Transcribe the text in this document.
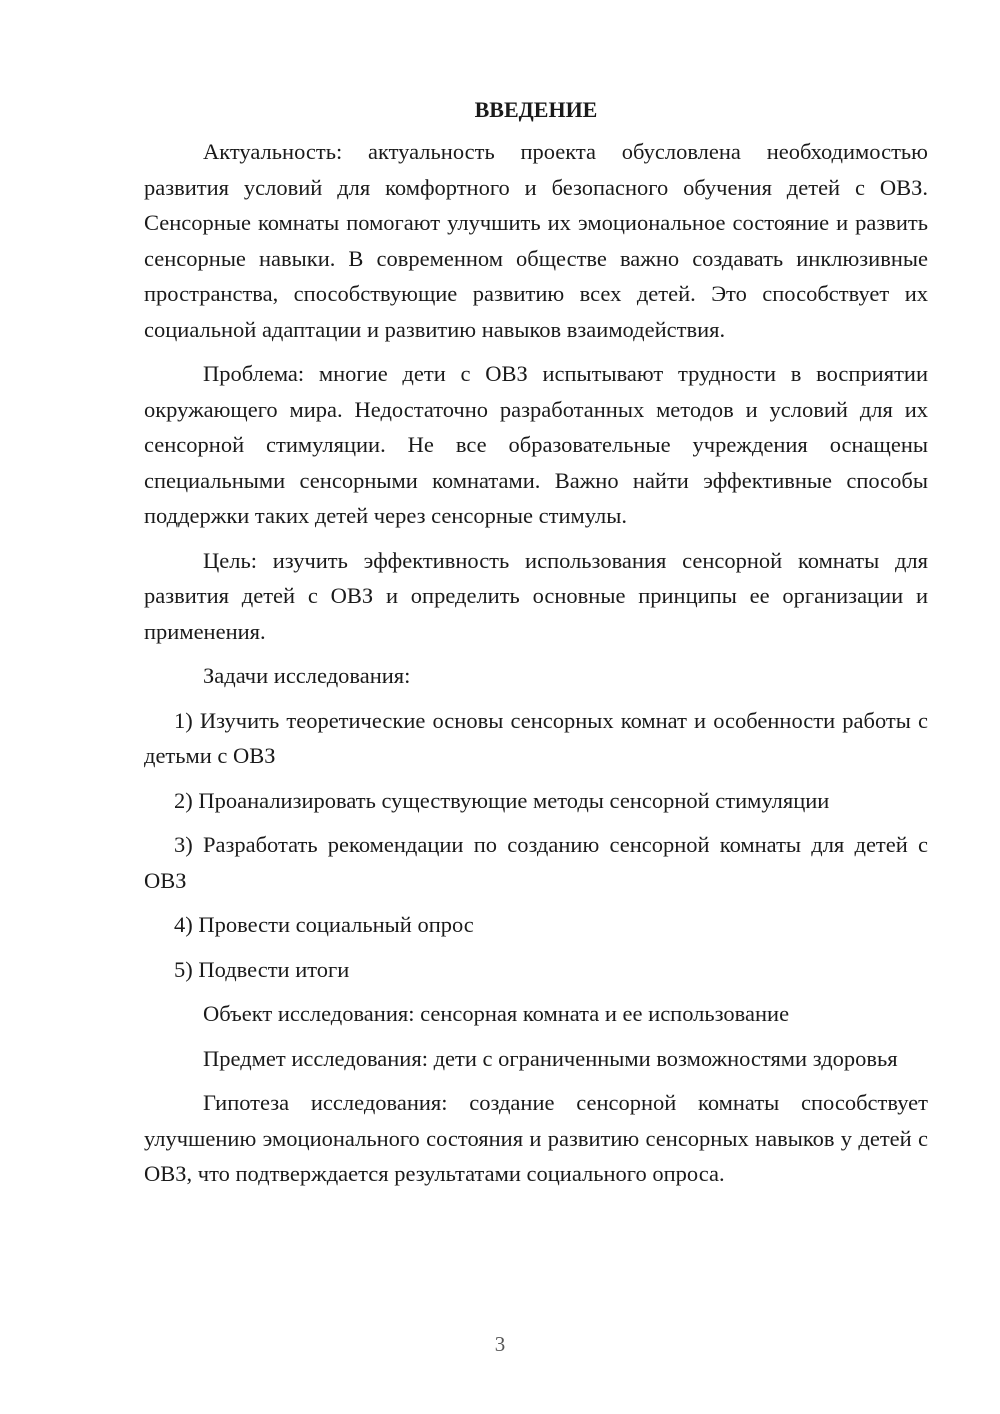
ВВЕДЕНИЕ

Актуальность: актуальность проекта обусловлена необходимостью развития условий для комфортного и безопасного обучения детей с ОВЗ. Сенсорные комнаты помогают улучшить их эмоциональное состояние и развить сенсорные навыки. В современном обществе важно создавать инклюзивные пространства, способствующие развитию всех детей. Это способствует их социальной адаптации и развитию навыков взаимодействия.

Проблема: многие дети с ОВЗ испытывают трудности в восприятии окружающего мира. Недостаточно разработанных методов и условий для их сенсорной стимуляции. Не все образовательные учреждения оснащены специальными сенсорными комнатами. Важно найти эффективные способы поддержки таких детей через сенсорные стимулы.

Цель: изучить эффективность использования сенсорной комнаты для развития детей с ОВЗ и определить основные принципы ее организации и применения.

Задачи исследования:

1) Изучить теоретические основы сенсорных комнат и особенности работы с детьми с ОВЗ

2) Проанализировать существующие методы сенсорной стимуляции

3) Разработать рекомендации по созданию сенсорной комнаты для детей с ОВЗ

4) Провести социальный опрос

5) Подвести итоги

Объект исследования: сенсорная комната и ее использование

Предмет исследования: дети с ограниченными возможностями здоровья

Гипотеза исследования: создание сенсорной комнаты способствует улучшению эмоционального состояния и развитию сенсорных навыков у детей с ОВЗ, что подтверждается результатами социального опроса.

3
